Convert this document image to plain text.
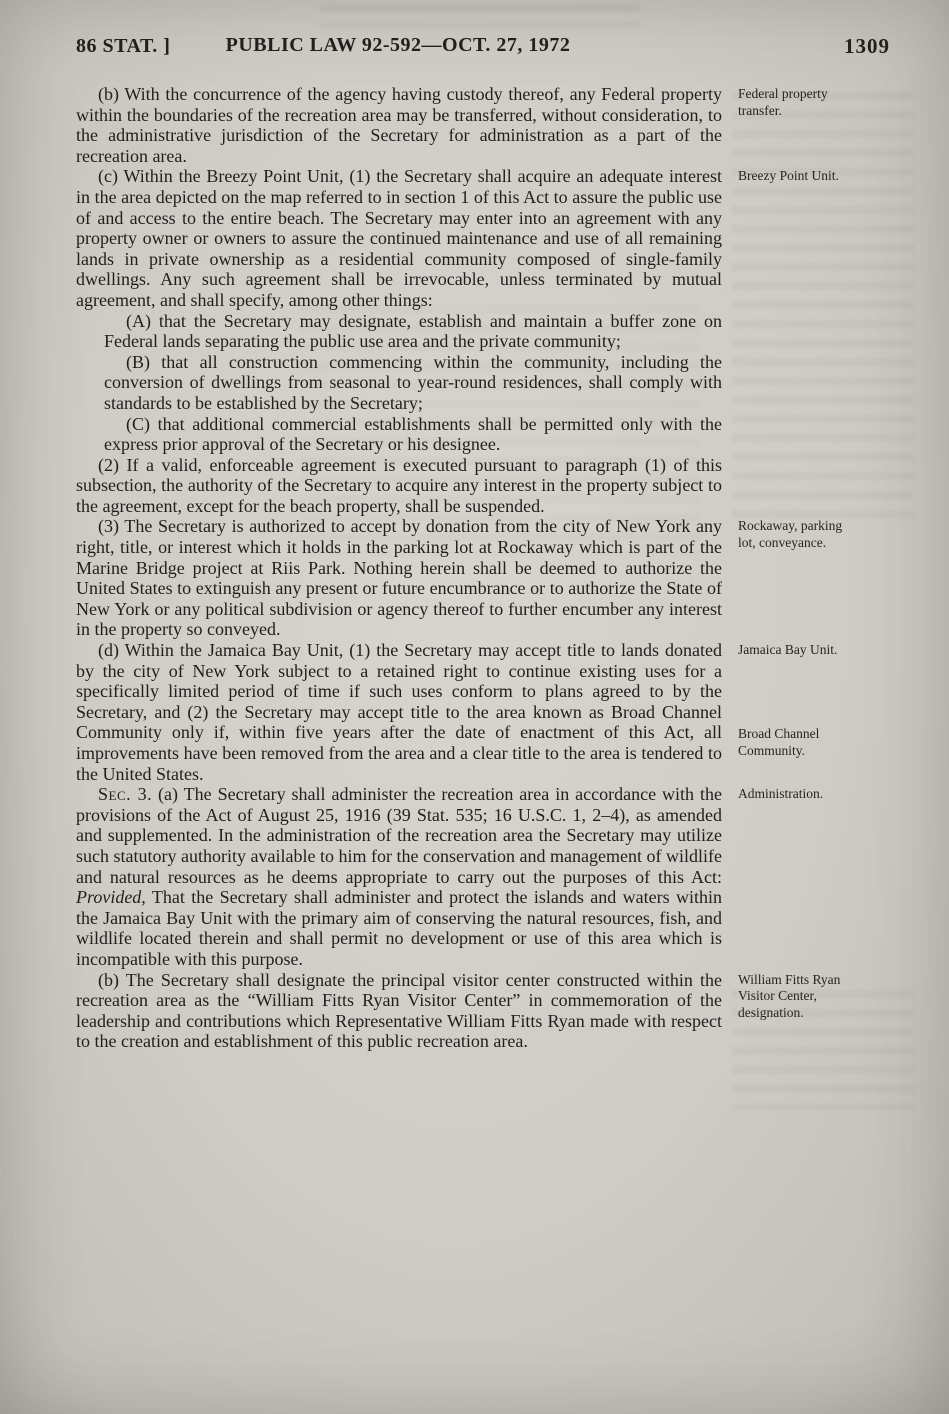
86 STAT. ]	PUBLIC LAW 92-592—OCT. 27, 1972	1309
(b) With the concurrence of the agency having custody thereof, any Federal property within the boundaries of the recreation area may be transferred, without consideration, to the administrative jurisdiction of the Secretary for administration as a part of the recreation area.
Federal property transfer.
(c) Within the Breezy Point Unit, (1) the Secretary shall acquire an adequate interest in the area depicted on the map referred to in section 1 of this Act to assure the public use of and access to the entire beach. The Secretary may enter into an agreement with any property owner or owners to assure the continued maintenance and use of all remaining lands in private ownership as a residential community composed of single-family dwellings. Any such agreement shall be irrevocable, unless terminated by mutual agreement, and shall specify, among other things:
Breezy Point Unit.
(A) that the Secretary may designate, establish and maintain a buffer zone on Federal lands separating the public use area and the private community;
(B) that all construction commencing within the community, including the conversion of dwellings from seasonal to year-round residences, shall comply with standards to be established by the Secretary;
(C) that additional commercial establishments shall be permitted only with the express prior approval of the Secretary or his designee.
(2) If a valid, enforceable agreement is executed pursuant to paragraph (1) of this subsection, the authority of the Secretary to acquire any interest in the property subject to the agreement, except for the beach property, shall be suspended.
(3) The Secretary is authorized to accept by donation from the city of New York any right, title, or interest which it holds in the parking lot at Rockaway which is part of the Marine Bridge project at Riis Park. Nothing herein shall be deemed to authorize the United States to extinguish any present or future encumbrance or to authorize the State of New York or any political subdivision or agency thereof to further encumber any interest in the property so conveyed.
Rockaway, parking lot, conveyance.
(d) Within the Jamaica Bay Unit, (1) the Secretary may accept title to lands donated by the city of New York subject to a retained right to continue existing uses for a specifically limited period of time if such uses conform to plans agreed to by the Secretary, and (2) the Secretary may accept title to the area known as Broad Channel Community only if, within five years after the date of enactment of this Act, all improvements have been removed from the area and a clear title to the area is tendered to the United States.
Jamaica Bay Unit.
Broad Channel Community.
Sec. 3. (a) The Secretary shall administer the recreation area in accordance with the provisions of the Act of August 25, 1916 (39 Stat. 535; 16 U.S.C. 1, 2–4), as amended and supplemented. In the administration of the recreation area the Secretary may utilize such statutory authority available to him for the conservation and management of wildlife and natural resources as he deems appropriate to carry out the purposes of this Act: Provided, That the Secretary shall administer and protect the islands and waters within the Jamaica Bay Unit with the primary aim of conserving the natural resources, fish, and wildlife located therein and shall permit no development or use of this area which is incompatible with this purpose.
Administration.
(b) The Secretary shall designate the principal visitor center constructed within the recreation area as the “William Fitts Ryan Visitor Center” in commemoration of the leadership and contributions which Representative William Fitts Ryan made with respect to the creation and establishment of this public recreation area.
William Fitts Ryan Visitor Center, designation.
